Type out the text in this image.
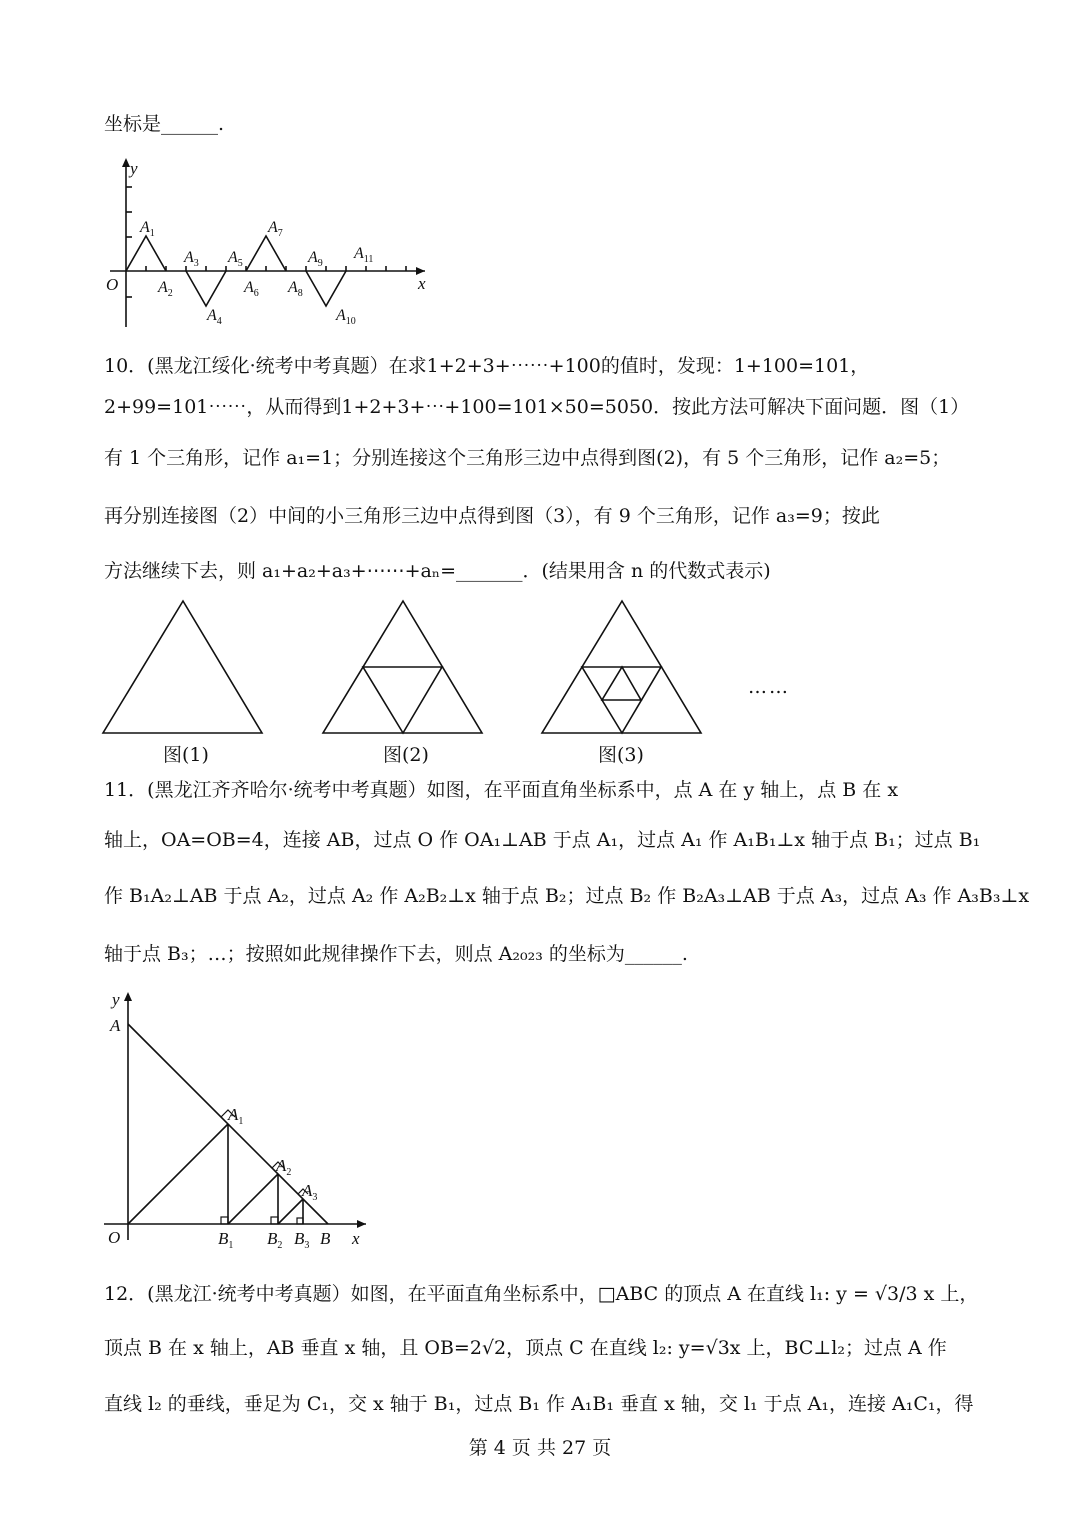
坐标是______.
y
x
O
$A_1$
$A_2$
$A_3$
$A_4$
$A_5$
$A_6$
$A_7$
$A_8$
$A_9$
$A_{10}$
$A_{11}$
10．(黑龙江绥化·统考中考真题）在求1+2+3+⋯⋯+100的值时，发现：1+100=101，
2+99=101⋯⋯，从而得到1+2+3+⋯+100=101×50=5050．按此方法可解决下面问题．图（1）
有 1 个三角形，记作 a₁=1；分别连接这个三角形三边中点得到图(2)，有 5 个三角形，记作 a₂=5；
再分别连接图（2）中间的小三角形三边中点得到图（3），有 9 个三角形，记作 a₃=9；按此
方法继续下去，则 a₁+a₂+a₃+⋯⋯+aₙ=_______．(结果用含 n 的代数式表示)
……
图(1)	图(2)	图(3)
11．(黑龙江齐齐哈尔·统考中考真题）如图，在平面直角坐标系中，点 A 在 y 轴上，点 B 在 x
轴上，OA=OB=4，连接 AB，过点 O 作 OA₁⊥AB 于点 A₁，过点 A₁ 作 A₁B₁⊥x 轴于点 B₁；过点 B₁
作 B₁A₂⊥AB 于点 A₂，过点 A₂ 作 A₂B₂⊥x 轴于点 B₂；过点 B₂ 作 B₂A₃⊥AB 于点 A₃，过点 A₃ 作 A₃B₃⊥x
轴于点 B₃；…；按照如此规律操作下去，则点 A₂₀₂₃ 的坐标为______.
y
x
O
A
$A_1$
$A_2$
$A_3$
$B_1$ $B_2$ $B_3$ B
12．(黑龙江·统考中考真题）如图，在平面直角坐标系中，□ABC 的顶点 A 在直线 l₁: y = √3/3 x 上，
顶点 B 在 x 轴上，AB 垂直 x 轴，且 OB=2√2，顶点 C 在直线 l₂: y=√3x 上，BC⊥l₂；过点 A 作
直线 l₂ 的垂线，垂足为 C₁，交 x 轴于 B₁，过点 B₁ 作 A₁B₁ 垂直 x 轴，交 l₁ 于点 A₁，连接 A₁C₁，得
第 4 页 共 27 页
